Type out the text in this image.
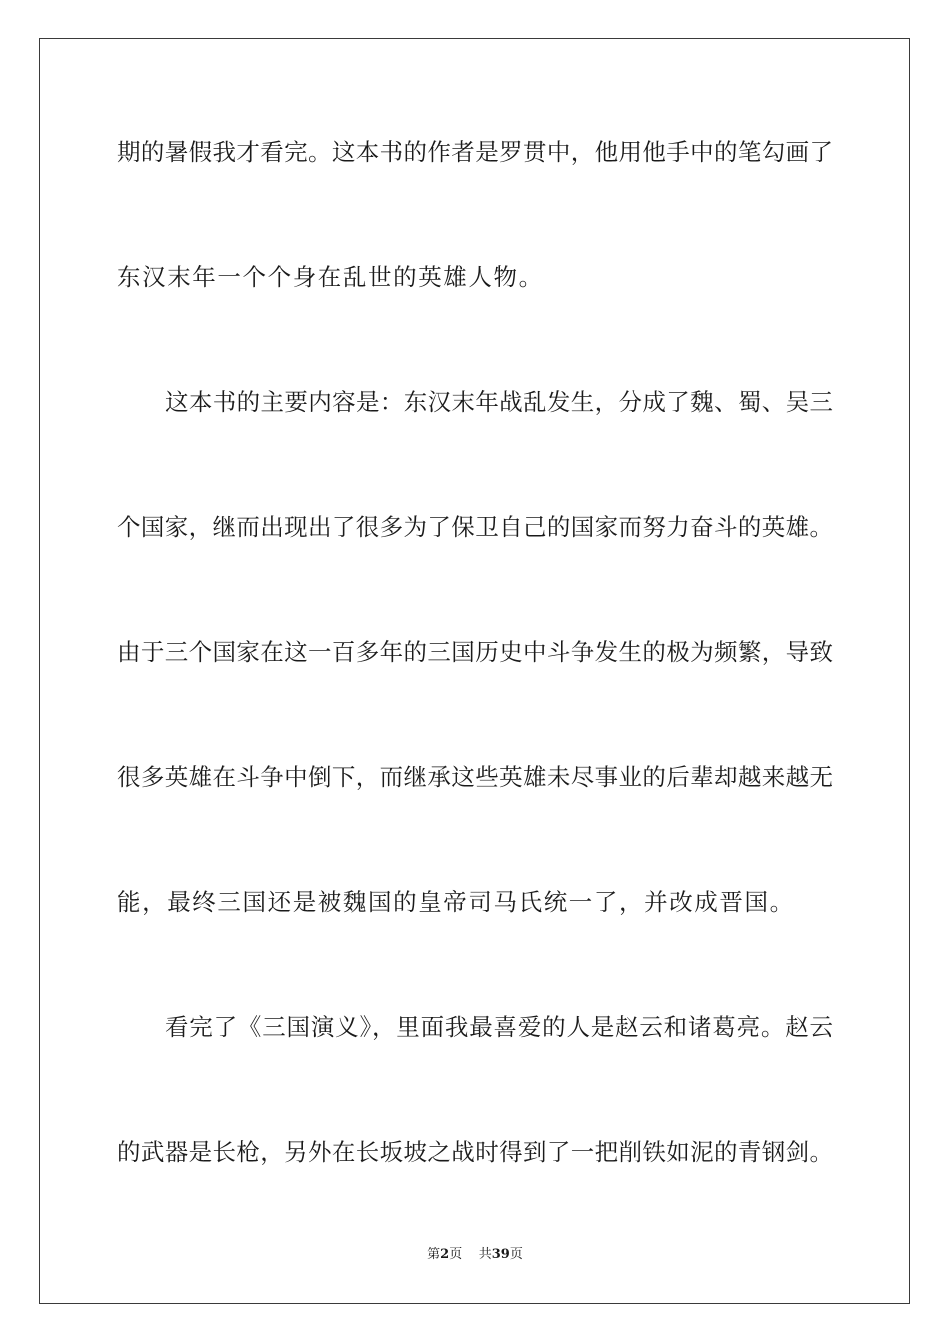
期的暑假我才看完。这本书的作者是罗贯中，他用他手中的笔勾画了
东汉末年一个个身在乱世的英雄人物。
这本书的主要内容是：东汉末年战乱发生，分成了魏、蜀、吴三
个国家，继而出现出了很多为了保卫自己的国家而努力奋斗的英雄。
由于三个国家在这一百多年的三国历史中斗争发生的极为频繁，导致
很多英雄在斗争中倒下，而继承这些英雄未尽事业的后辈却越来越无
能，最终三国还是被魏国的皇帝司马氏统一了，并改成晋国。
看完了《三国演义》，里面我最喜爱的人是赵云和诸葛亮。赵云
的武器是长枪，另外在长坂坡之战时得到了一把削铁如泥的青钢剑。
第2页    共39页
